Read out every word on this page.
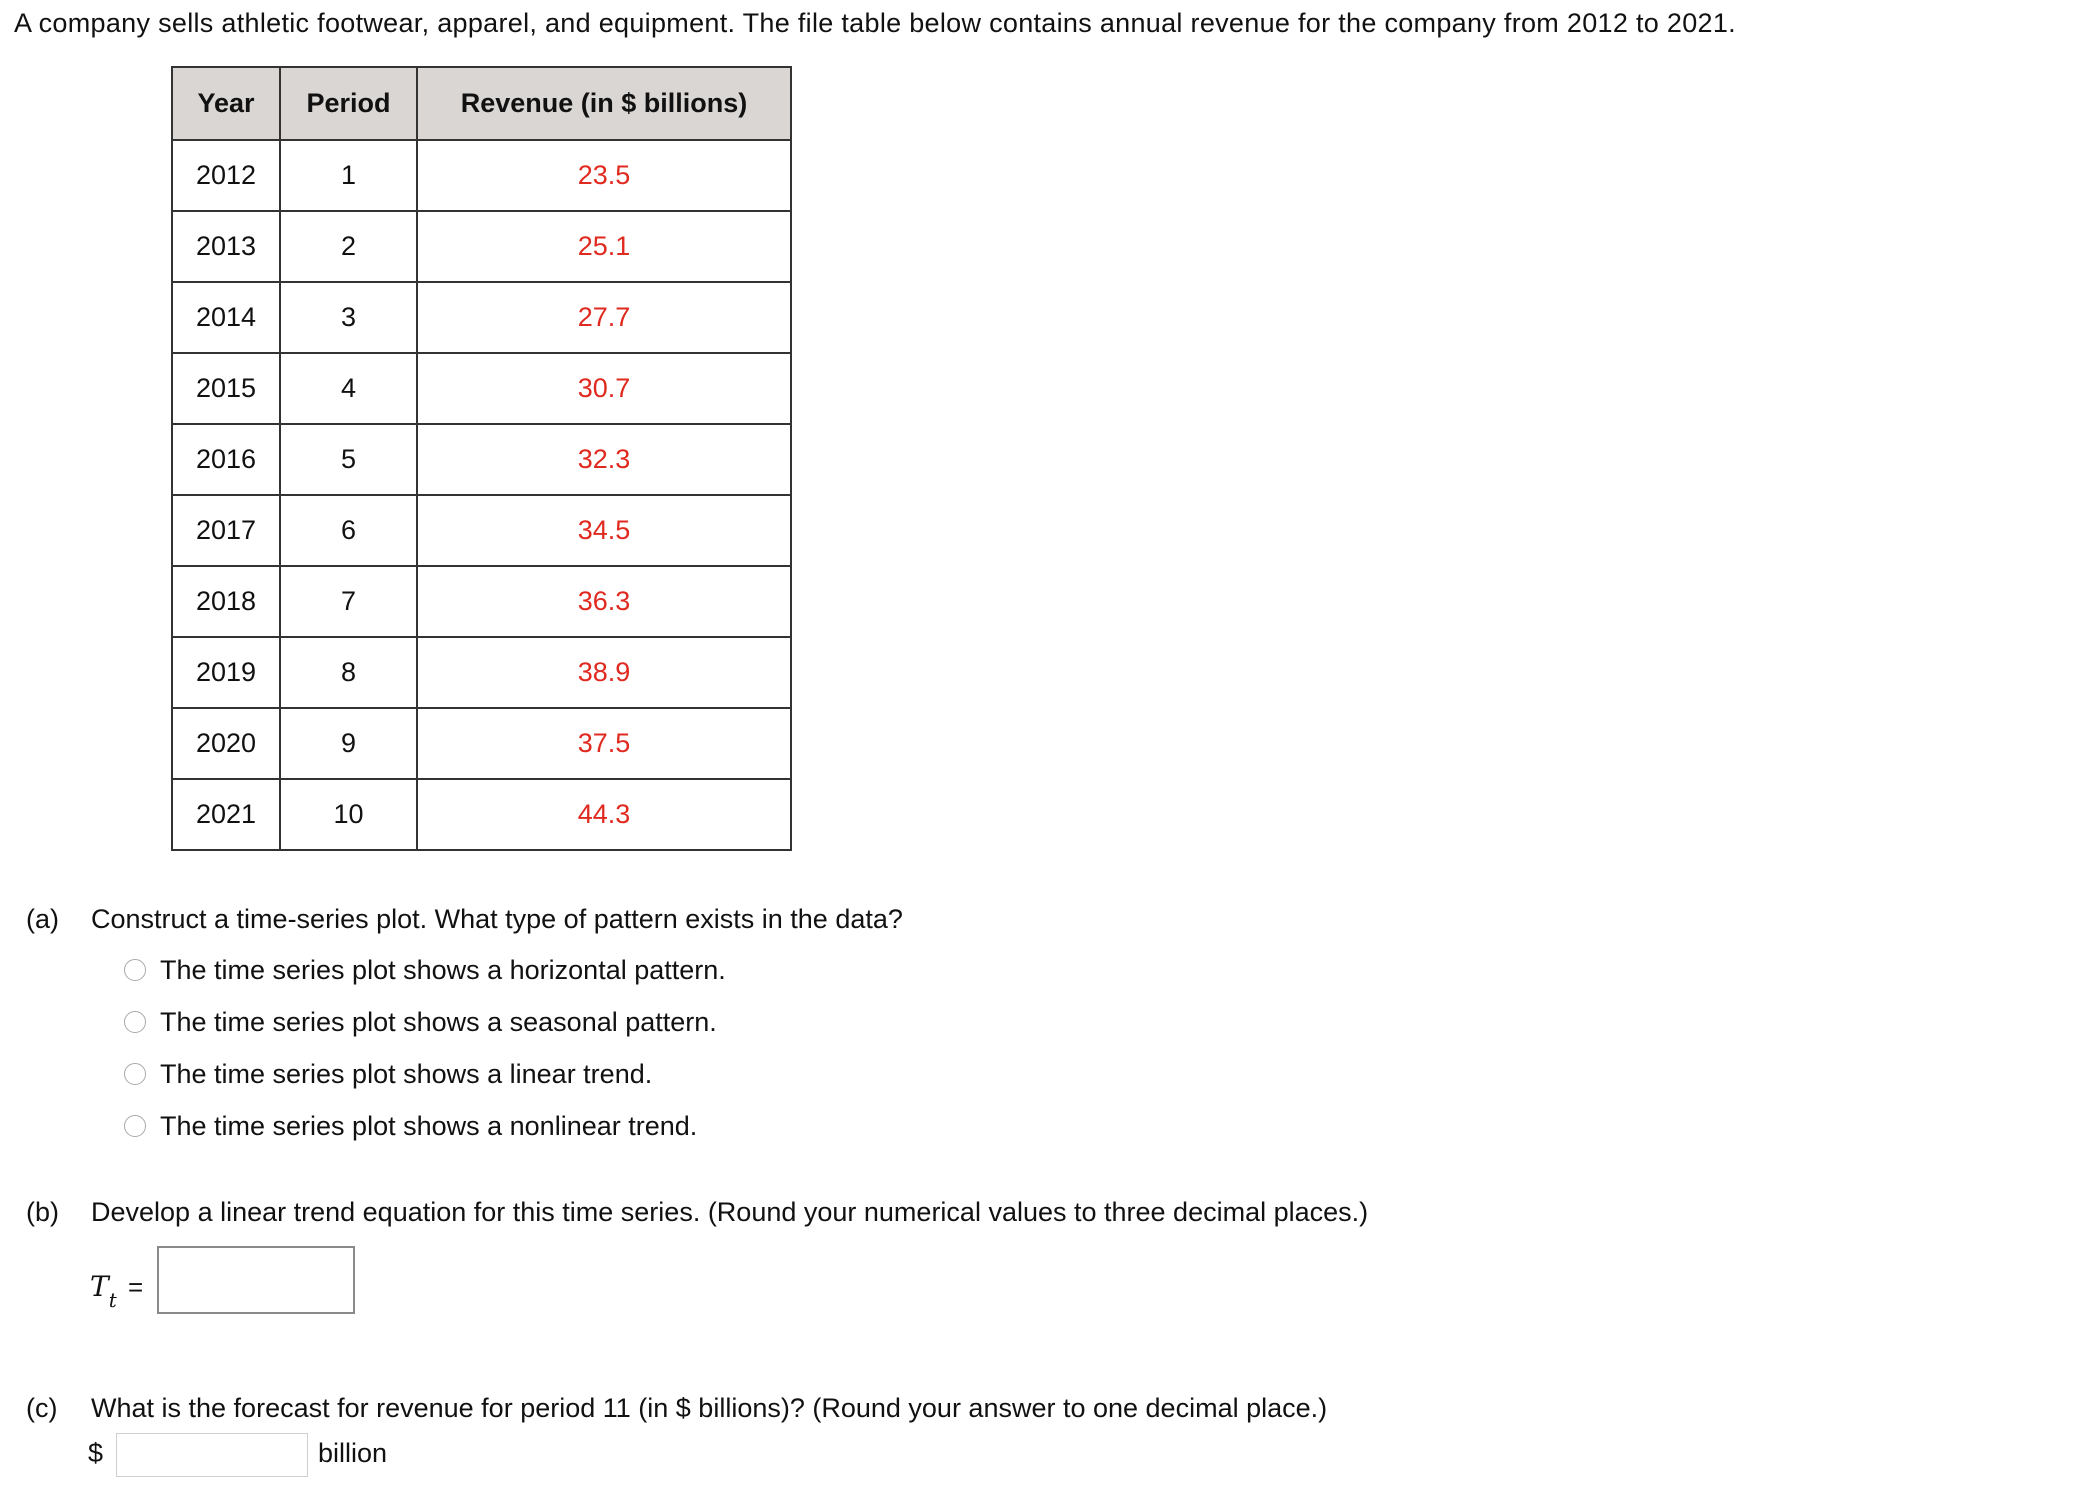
A company sells athletic footwear, apparel, and equipment. The file table below contains annual revenue for the company from 2012 to 2021.
Year	Period	Revenue (in $ billions)
2012	1	23.5
2013	2	25.1
2014	3	27.7
2015	4	30.7
2016	5	32.3
2017	6	34.5
2018	7	36.3
2019	8	38.9
2020	9	37.5
2021	10	44.3
(a) Construct a time-series plot. What type of pattern exists in the data?
The time series plot shows a horizontal pattern.
The time series plot shows a seasonal pattern.
The time series plot shows a linear trend.
The time series plot shows a nonlinear trend.
(b) Develop a linear trend equation for this time series. (Round your numerical values to three decimal places.)
$T_t$ =
(c) What is the forecast for revenue for period 11 (in $ billions)? (Round your answer to one decimal place.)
$	billion
